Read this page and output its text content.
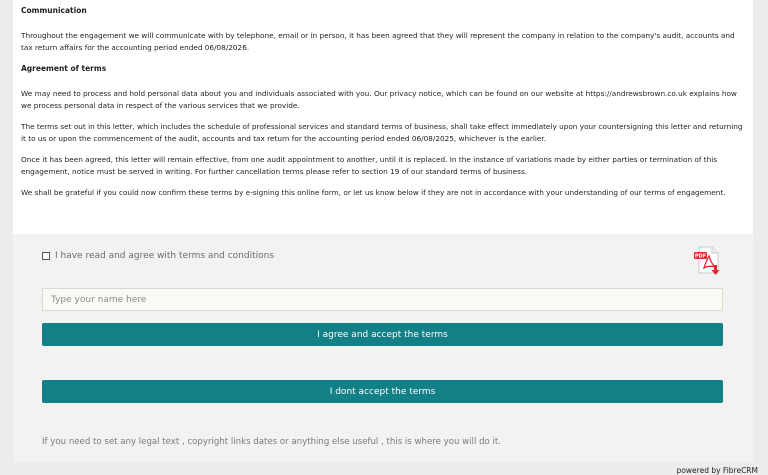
Communication

Throughout the engagement we will communicate with by telephone, email or in person, it has been agreed that they will represent the company in relation to the company's audit, accounts and tax return affairs for the accounting period ended 06/08/2026.

Agreement of terms

We may need to process and hold personal data about you and individuals associated with you. Our privacy notice, which can be found on our website at https://andrewsbrown.co.uk explains how we process personal data in respect of the various services that we provide.

The terms set out in this letter, which includes the schedule of professional services and standard terms of business, shall take effect immediately upon your countersigning this letter and returning it to us or upon the commencement of the audit, accounts and tax return for the accounting period ended 06/08/2025, whichever is the earlier.

Once it has been agreed, this letter will remain effective, from one audit appointment to another, until it is replaced. In the instance of variations made by either parties or termination of this engagement, notice must be served in writing. For further cancellation terms please refer to section 19 of our standard terms of business.

We shall be grateful if you could now confirm these terms by e-signing this online form, or let us know below if they are not in accordance with your understanding of our terms of engagement.

I have read and agree with terms and conditions	PDF
Type your name here
I agree and accept the terms
I dont accept the terms
If you need to set any legal text , copyright links dates or anything else useful , this is where you will do it.
powered by FibreCRM
